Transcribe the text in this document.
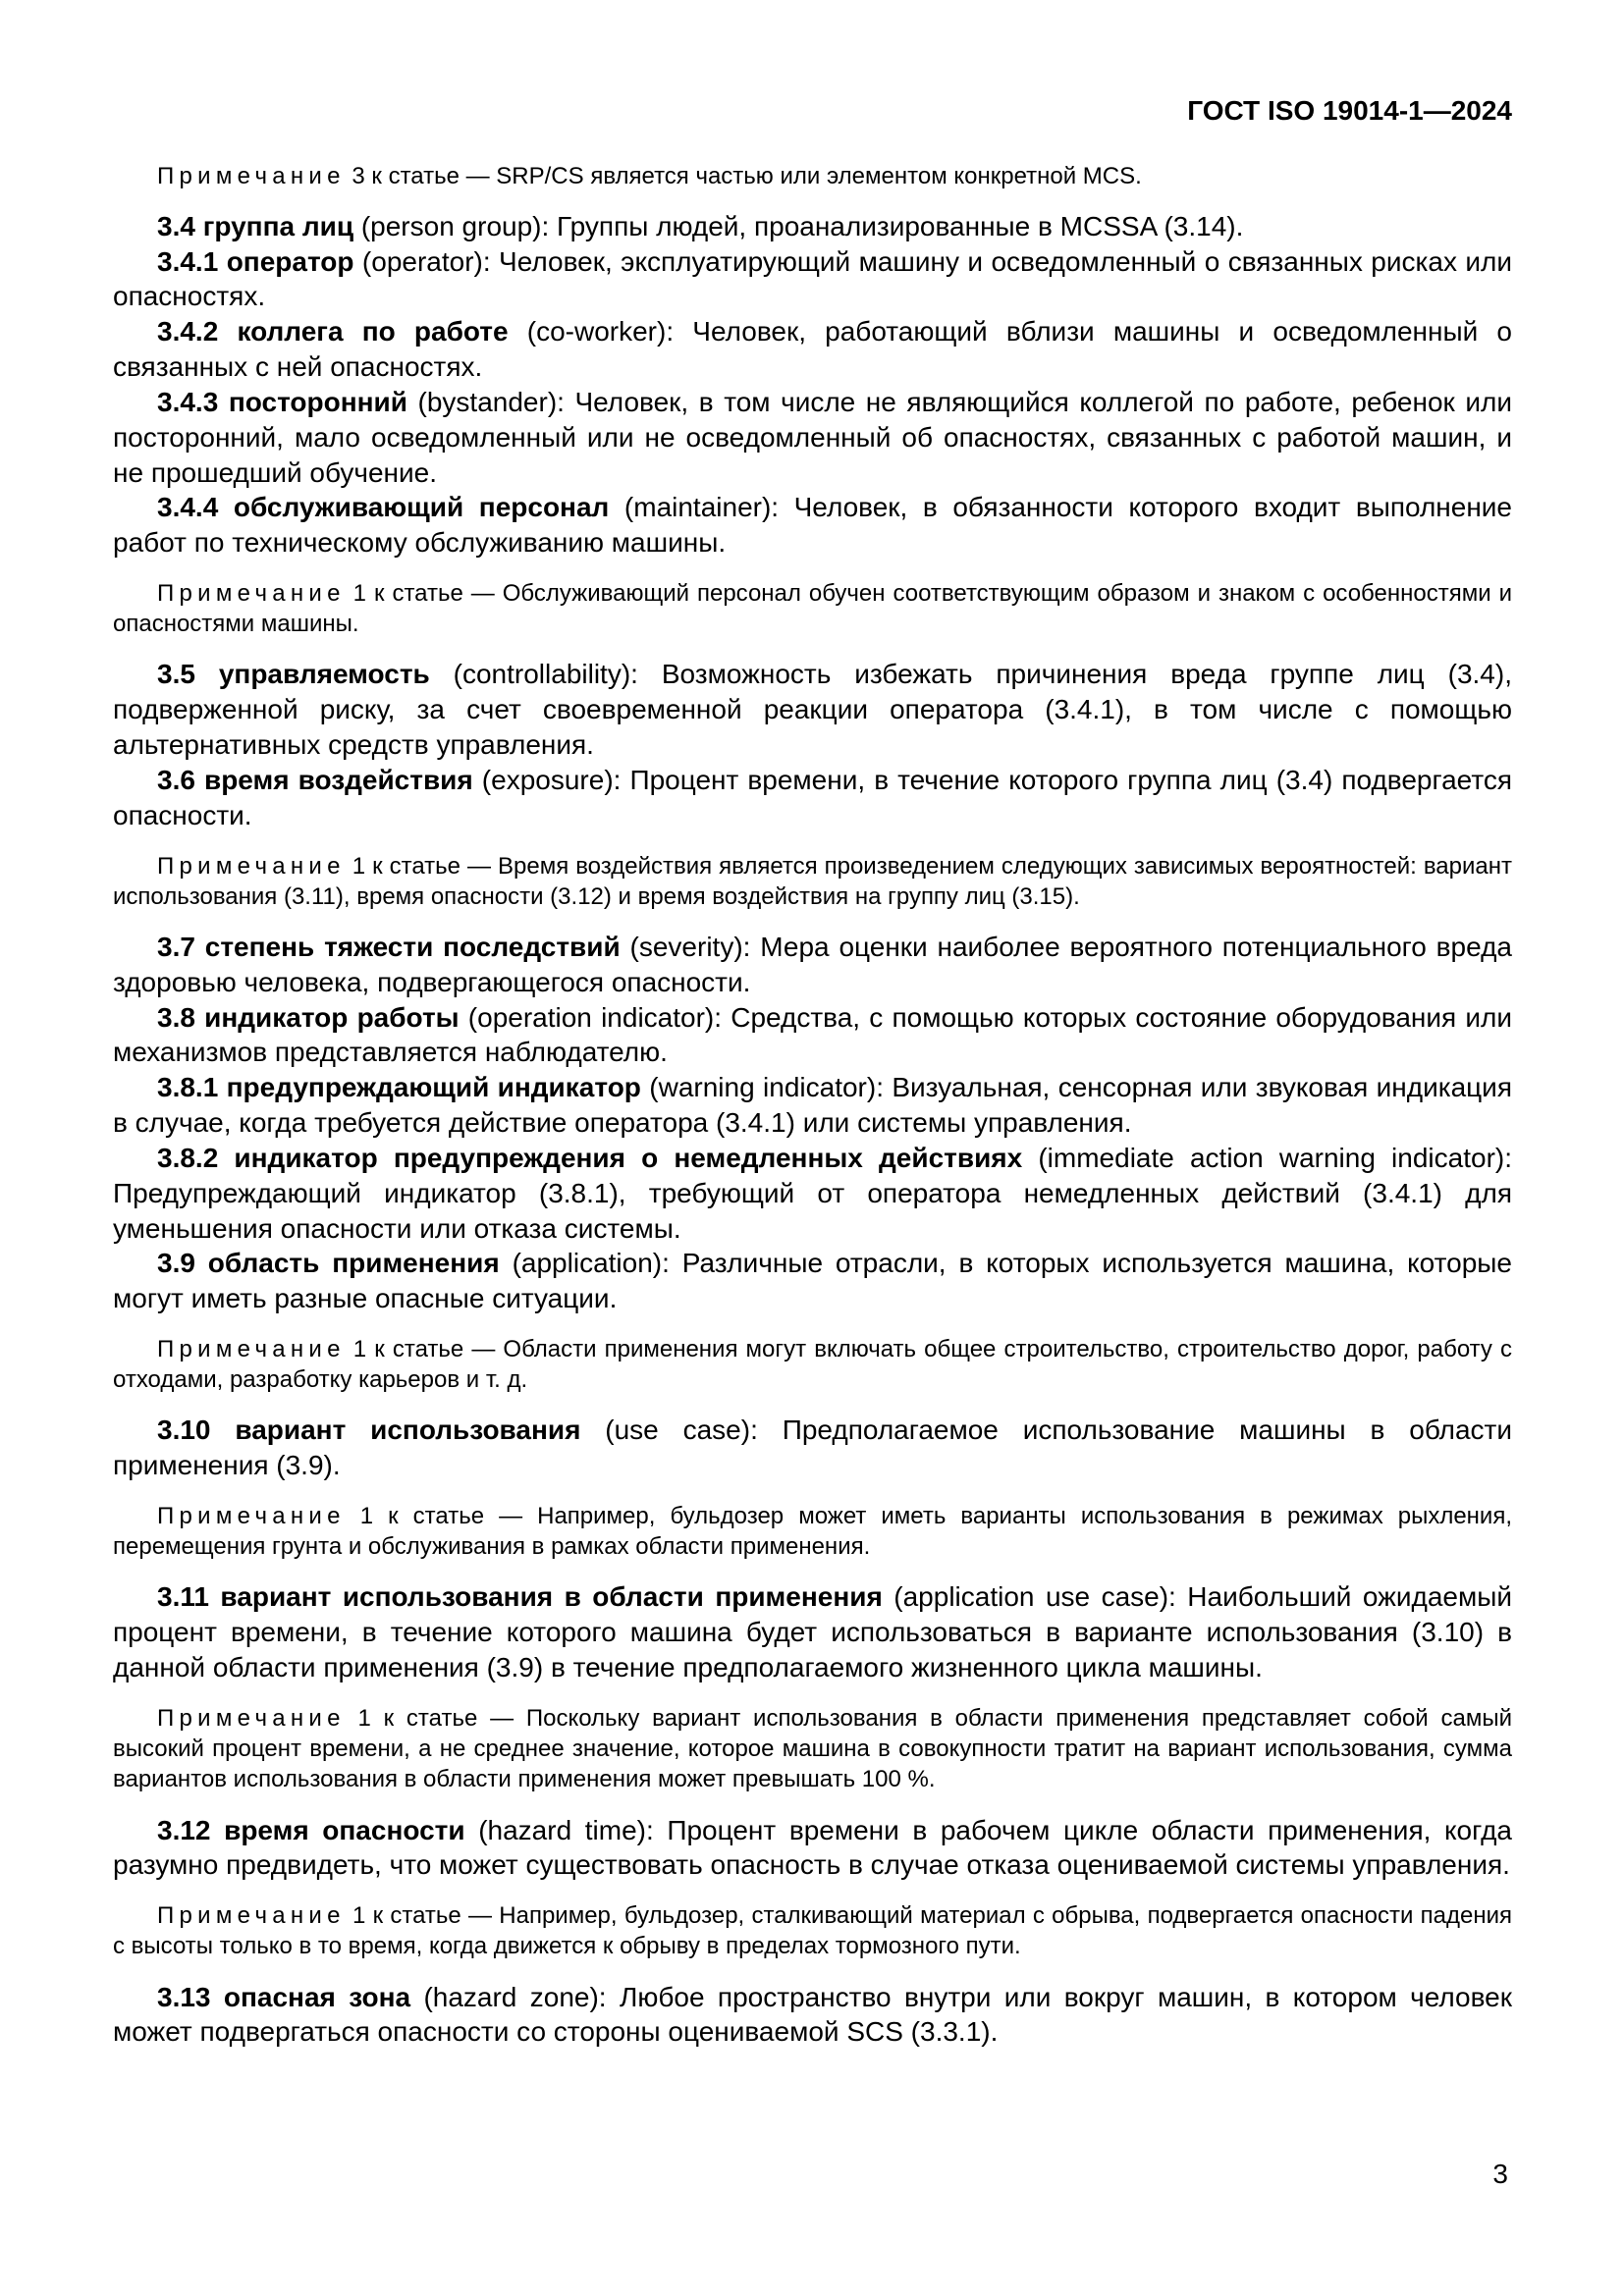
ГОСТ ISO 19014-1—2024

Примечание 3 к статье — SRP/CS является частью или элементом конкретной MCS.

3.4 группа лиц (person group): Группы людей, проанализированные в MCSSA (3.14).

3.4.1 оператор (operator): Человек, эксплуатирующий машину и осведомленный о связанных рисках или опасностях.

3.4.2 коллега по работе (co-worker): Человек, работающий вблизи машины и осведомленный о связанных с ней опасностях.

3.4.3 посторонний (bystander): Человек, в том числе не являющийся коллегой по работе, ребенок или посторонний, мало осведомленный или не осведомленный об опасностях, связанных с работой машин, и не прошедший обучение.

3.4.4 обслуживающий персонал (maintainer): Человек, в обязанности которого входит выполнение работ по техническому обслуживанию машины.

Примечание 1 к статье — Обслуживающий персонал обучен соответствующим образом и знаком с особенностями и опасностями машины.

3.5 управляемость (controllability): Возможность избежать причинения вреда группе лиц (3.4), подверженной риску, за счет своевременной реакции оператора (3.4.1), в том числе с помощью альтернативных средств управления.

3.6 время воздействия (exposure): Процент времени, в течение которого группа лиц (3.4) подвергается опасности.

Примечание 1 к статье — Время воздействия является произведением следующих зависимых вероятностей: вариант использования (3.11), время опасности (3.12) и время воздействия на группу лиц (3.15).

3.7 степень тяжести последствий (severity): Мера оценки наиболее вероятного потенциального вреда здоровью человека, подвергающегося опасности.

3.8 индикатор работы (operation indicator): Средства, с помощью которых состояние оборудования или механизмов представляется наблюдателю.

3.8.1 предупреждающий индикатор (warning indicator): Визуальная, сенсорная или звуковая индикация в случае, когда требуется действие оператора (3.4.1) или системы управления.

3.8.2 индикатор предупреждения о немедленных действиях (immediate action warning indicator): Предупреждающий индикатор (3.8.1), требующий от оператора немедленных действий (3.4.1) для уменьшения опасности или отказа системы.

3.9 область применения (application): Различные отрасли, в которых используется машина, которые могут иметь разные опасные ситуации.

Примечание 1 к статье — Области применения могут включать общее строительство, строительство дорог, работу с отходами, разработку карьеров и т. д.

3.10 вариант использования (use case): Предполагаемое использование машины в области применения (3.9).

Примечание 1 к статье — Например, бульдозер может иметь варианты использования в режимах рыхления, перемещения грунта и обслуживания в рамках области применения.

3.11 вариант использования в области применения (application use case): Наибольший ожидаемый процент времени, в течение которого машина будет использоваться в варианте использования (3.10) в данной области применения (3.9) в течение предполагаемого жизненного цикла машины.

Примечание 1 к статье — Поскольку вариант использования в области применения представляет собой самый высокий процент времени, а не среднее значение, которое машина в совокупности тратит на вариант использования, сумма вариантов использования в области применения может превышать 100 %.

3.12 время опасности (hazard time): Процент времени в рабочем цикле области применения, когда разумно предвидеть, что может существовать опасность в случае отказа оцениваемой системы управления.

Примечание 1 к статье — Например, бульдозер, сталкивающий материал с обрыва, подвергается опасности падения с высоты только в то время, когда движется к обрыву в пределах тормозного пути.

3.13 опасная зона (hazard zone): Любое пространство внутри или вокруг машин, в котором человек может подвергаться опасности со стороны оцениваемой SCS (3.3.1).

3
